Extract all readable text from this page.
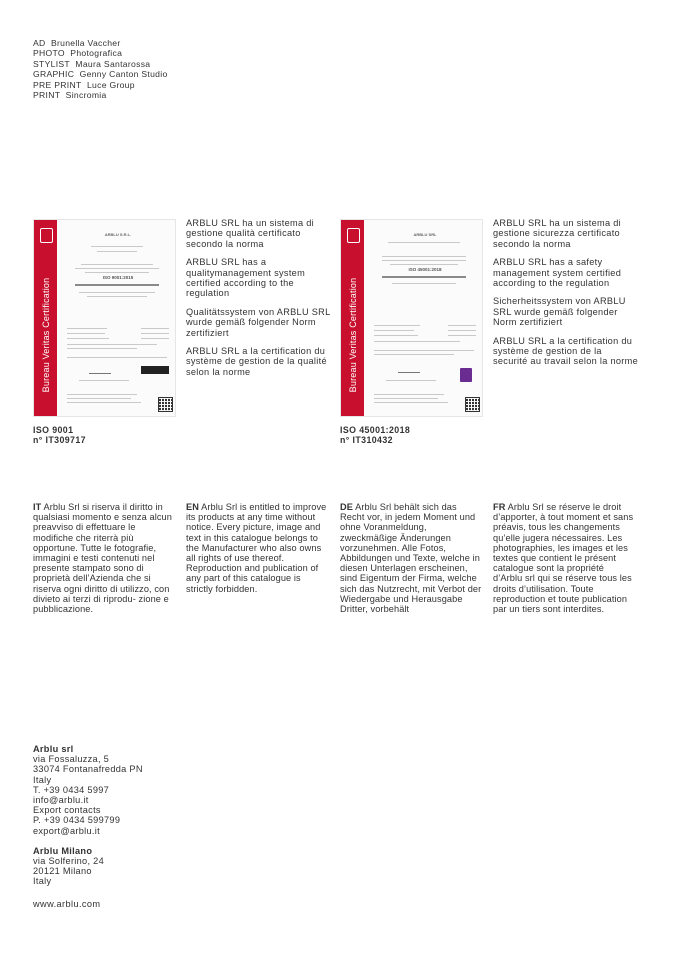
AD Brunella Vaccher
PHOTO Photografica
STYLIST Maura Santarossa
GRAPHIC Genny Canton Studio
PRE PRINT Luce Group
PRINT Sincromia
Bureau Veritas Certification
ARBLU S.R.L.
ISO 9001:2015

ARBLU SRL ha un sistema di gestione qualità certificato secondo la norma

ARBLU SRL has a qualitymanagement system certified according to the regulation

Qualitätssystem von ARBLU SRL wurde gemäß folgender Norm zertifiziert

ARBLU SRL a la certification du système de gestion de la qualité selon la norme

ISO 9001
n° IT309717
Bureau Veritas Certification
ARBLU SRL
ISO 45001:2018

ARBLU SRL ha un sistema di gestione sicurezza certificato secondo la norma

ARBLU SRL has a safety management system certified according to the regulation

Sicherheitssystem von ARBLU SRL wurde gemäß folgender Norm zertifiziert

ARBLU SRL a la certification du système de gestion de la securité au travail selon la norme

ISO 45001:2018
n° IT310432
IT Arblu Srl si riserva il diritto in qualsiasi momento e senza alcun preavviso di effettuare le modifiche che riterrà più opportune. Tutte le fotografie, immagini e testi contenuti nel presente stampato sono di proprietà dell’Azienda che si riserva ogni diritto di utilizzo, con divieto ai terzi di riprodu- zione e pubblicazione.
EN Arblu Srl is entitled to improve its products at any time without notice. Every picture, image and text in this catalogue belongs to the Manufacturer who also owns all rights of use thereof. Reproduction and publication of any part of this catalogue is strictly forbidden.
DE Arblu Srl behält sich das Recht vor, in jedem Moment und ohne Voranmeldung, zweckmäßige Änderungen vorzunehmen. Alle Fotos, Abbildungen und Texte, welche in diesen Unterlagen erscheinen, sind Eigentum der Firma, welche sich das Nutzrecht, mit Verbot der Wiedergabe und Herausgabe Dritter, vorbehält
FR Arblu Srl se réserve le droit d’apporter, à tout moment et sans préavis, tous les changements qu’elle jugera nécessaires. Les photographies, les images et les textes que contient le présent catalogue sont la propriété d’Arblu srl qui se réserve tous les droits d’utilisation. Toute reproduction et toute publication par un tiers sont interdites.
Arblu srl
via Fossaluzza, 5
33074 Fontanafredda PN
Italy
T. +39 0434 5997
info@arblu.it
Export contacts
P. +39 0434 599799
export@arblu.it
Arblu Milano
via Solferino, 24
20121 Milano
Italy
www.arblu.com
